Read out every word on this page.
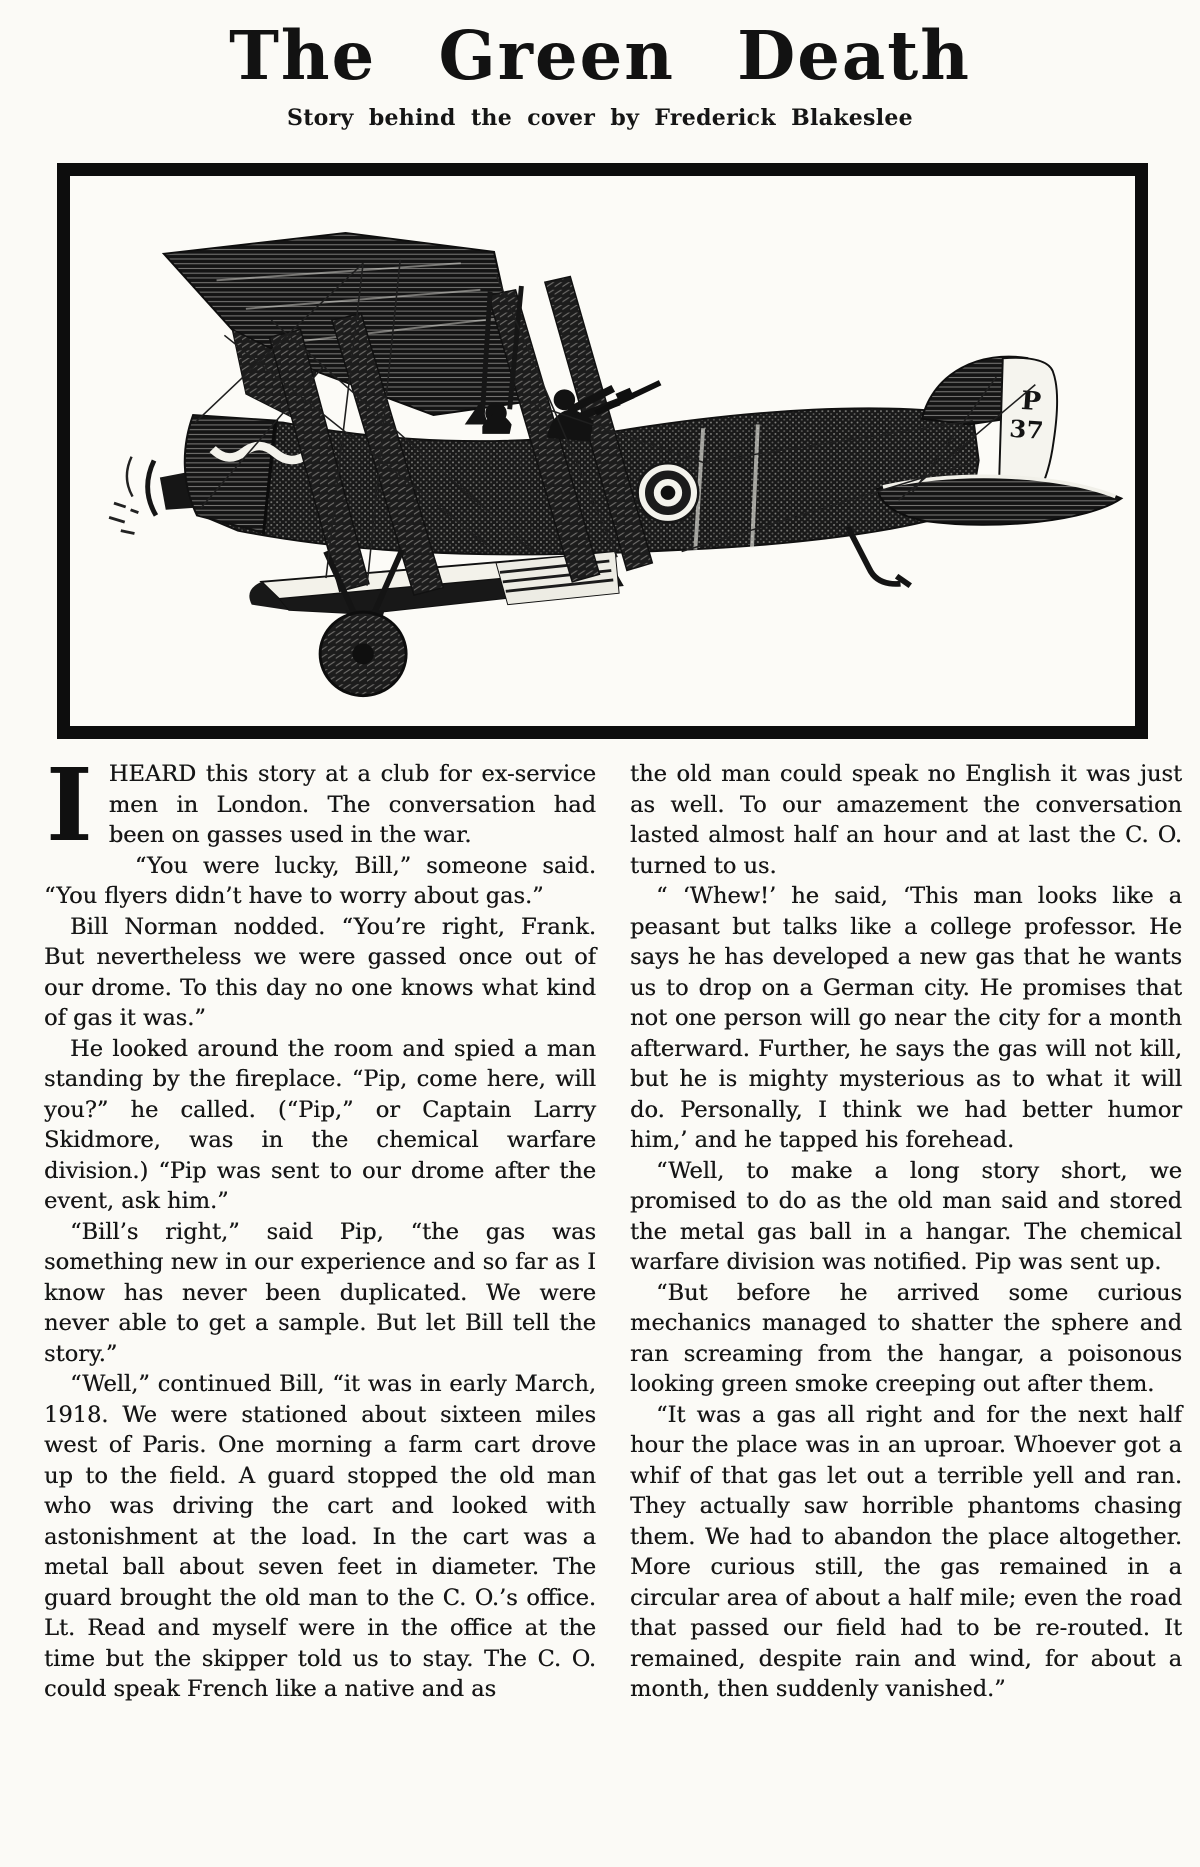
The Green Death
Story behind the cover by Frederick Blakeslee
P
37

IHEARD this story at a club for ex-service men in London. The conversation had been on gasses used in the war.

“You were lucky, Bill,” someone said. “You flyers didn’t have to worry about gas.”

Bill Norman nodded. “You’re right, Frank. But nevertheless we were gassed once out of our drome. To this day no one knows what kind of gas it was.”

He looked around the room and spied a man standing by the fireplace. “Pip, come here, will you?” he called. (“Pip,” or Captain Larry Skidmore, was in the chemical warfare division.) “Pip was sent to our drome after the event, ask him.”

“Bill’s right,” said Pip, “the gas was something new in our experience and so far as I know has never been duplicated. We were never able to get a sample. But let Bill tell the story.”

“Well,” continued Bill, “it was in early March, 1918. We were stationed about sixteen miles west of Paris. One morning a farm cart drove up to the field. A guard stopped the old man who was driving the cart and looked with astonishment at the load. In the cart was a metal ball about seven feet in diameter. The guard brought the old man to the C. O.’s office. Lt. Read and myself were in the office at the time but the skipper told us to stay. The C. O. could speak French like a native and as

the old man could speak no English it was just as well. To our amazement the conversation lasted almost half an hour and at last the C. O. turned to us.

“ ‘Whew!’ he said, ‘This man looks like a peasant but talks like a college professor. He says he has developed a new gas that he wants us to drop on a German city. He promises that not one person will go near the city for a month afterward. Further, he says the gas will not kill, but he is mighty mysterious as to what it will do. Personally, I think we had better humor him,’ and he tapped his forehead.

“Well, to make a long story short, we promised to do as the old man said and stored the metal gas ball in a hangar. The chemical warfare division was notified. Pip was sent up.

“But before he arrived some curious mechanics managed to shatter the sphere and ran screaming from the hangar, a poisonous looking green smoke creeping out after them.

“It was a gas all right and for the next half hour the place was in an uproar. Whoever got a whif of that gas let out a terrible yell and ran. They actually saw horrible phantoms chasing them. We had to abandon the place altogether. More curious still, the gas remained in a circular area of about a half mile; even the road that passed our field had to be re-routed. It remained, despite rain and wind, for about a month, then suddenly vanished.”
